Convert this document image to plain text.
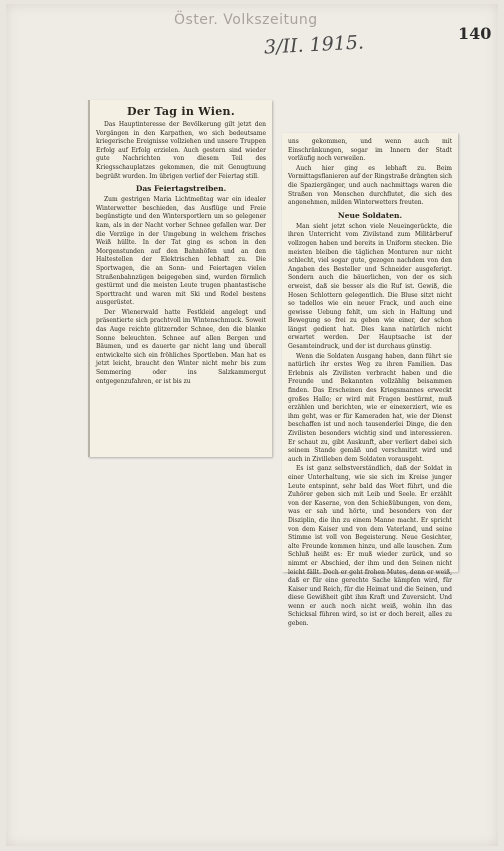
Öster. Volkszeitung
3/II. 1915.	140
Der Tag in Wien.

Das Hauptinteresse der Bevölkerung gilt jetzt den Vorgängen in den Karpathen, wo sich bedeutsame kriegerische Ereignisse vollziehen und unsere Truppen Erfolg auf Erfolg erzielen. Auch gestern sind wieder gute Nachrichten von diesem Teil des Kriegsschauplatzes gekommen, die mit Genugtuung begrüßt wurden. Im übrigen verlief der Feiertag still.

Das Feiertagstreiben.

Zum gestrigen Maria Lichtmeßtag war ein idealer Winterwetter beschieden, das Ausflüge und Freie begünstigte und den Wintersportlern um so gelegener kam, als in der Nacht vorher Schnee gefallen war. Der die Verzüge in der Umgebung in welchem frisches Weiß hüllte. In der Tat ging es schon in den Morgenstunden auf den Bahnhöfen und an den Haltestellen der Elektrischen lebhaft zu. Die Sportwagen, die an Sonn- und Feiertagen vielen Straßenbahnzügen beigegeben sind, wurden förmlich gestürmt und die meisten Leute trugen phantastische Sporttracht und waren mit Ski und Rodel bestens ausgerüstet.

Der Wienerwald hatte Festkleid angelegt und präsentierte sich prachtvoll im Wintenschmuck. Soweit das Auge reichte glitzernder Schnee, den die blanke Sonne beleuchten. Schnee auf allen Bergen und Bäumen, und es dauerte gar nicht lang und überall entwickelte sich ein fröhliches Sportleben. Man hat es jetzt leicht, braucht den Winter nicht mehr bis zum Semmering oder ins Salzkammergut entgegenzufahren, er ist bis zu

uns gekommen, und wenn auch mit Einschränkungen, sogar im Innern der Stadt vorläufig noch verweilen.

Auch hier ging es lebhaft zu. Beim Vormittagsflanieren auf der Ringstraße drängten sich die Spaziergänger, und auch nachmittags waren die Straßen von Menschen durchflutet, die sich des angenehmen, milden Winterwetters freuten.

Neue Soldaten.

Man sieht jetzt schon viele Neueingerückte, die ihren Unterricht vom Zivilstand zum Militärberuf vollzogen haben und bereits in Uniform stecken. Die meisten bleiben die täglichen Monturen nur nicht schlecht, viel sogar gute, gezogen nachdem von den Angaben des Besteller und Schneider ausgeferigt. Sondern auch die bäuerlichen, von der es sich erweist, daß sie besser als die Ruf ist. Gewiß, die Hosen Schlottern gelegentlich. Die Bluse sitzt nicht so tadellos wie ein neuer Frack, und auch eine gewisse Uebung fehlt, um sich in Haltung und Bewegung so frei zu geben wie einer, der schon längst gedient hat. Dies kann natürlich nicht erwartet werden. Der Hauptsache ist der Gesamteindruck, und der ist durchaus günstig.

Wenn die Soldaten Ausgang haben, dann führt sie natürlich ihr erstes Weg zu ihren Familien. Das Erlebnis als Zivilisten verbracht haben und die Freunde und Bekannten vollzählig beisammen finden. Das Erscheinen des Kriegsmannes erweckt großes Hallo; er wird mit Fragen bestürmt, muß erzählen und berichten, wie er einexerziert, wie es ihm geht, was er für Kameraden hat, wie der Dienst beschaffen ist und noch tausenderlei Dinge, die den Zivilisten besonders wichtig sind und interessieren. Er schaut zu, gibt Auskunft, aber verliert dabei sich seinem Stande gemäß und verschmitzt wird und auch in Zivilleben dem Soldaten vorausgeht.

Es ist ganz selbstverständlich, daß der Soldat in einer Unterhaltung, wie sie sich im Kreise junger Leute entspinnt, sehr bald das Wort führt, und die Zuhörer geben sich mit Leib und Seele. Er erzählt von der Kaserne, von den Schießübungen, von dem, was er sah und hörte, und besonders von der Disziplin, die ihn zu einem Manne macht. Er spricht von dem Kaiser und von dem Vaterland, und seine Stimme ist voll von Begeisterung. Neue Gesichter, alte Freunde kommen hinzu, und alle lauschen. Zum Schluß heißt es: Er muß wieder zurück, und so nimmt er Abschied, der ihm und den Seinen nicht leicht fällt. Doch er geht frohen Mutes, denn er weiß, daß er für eine gerechte Sache kämpfen wird, für Kaiser und Reich, für die Heimat und die Seinen, und diese Gewißheit gibt ihm Kraft und Zuversicht. Und wenn er auch noch nicht weiß, wohin ihn das Schicksal führen wird, so ist er doch bereit, alles zu geben.
